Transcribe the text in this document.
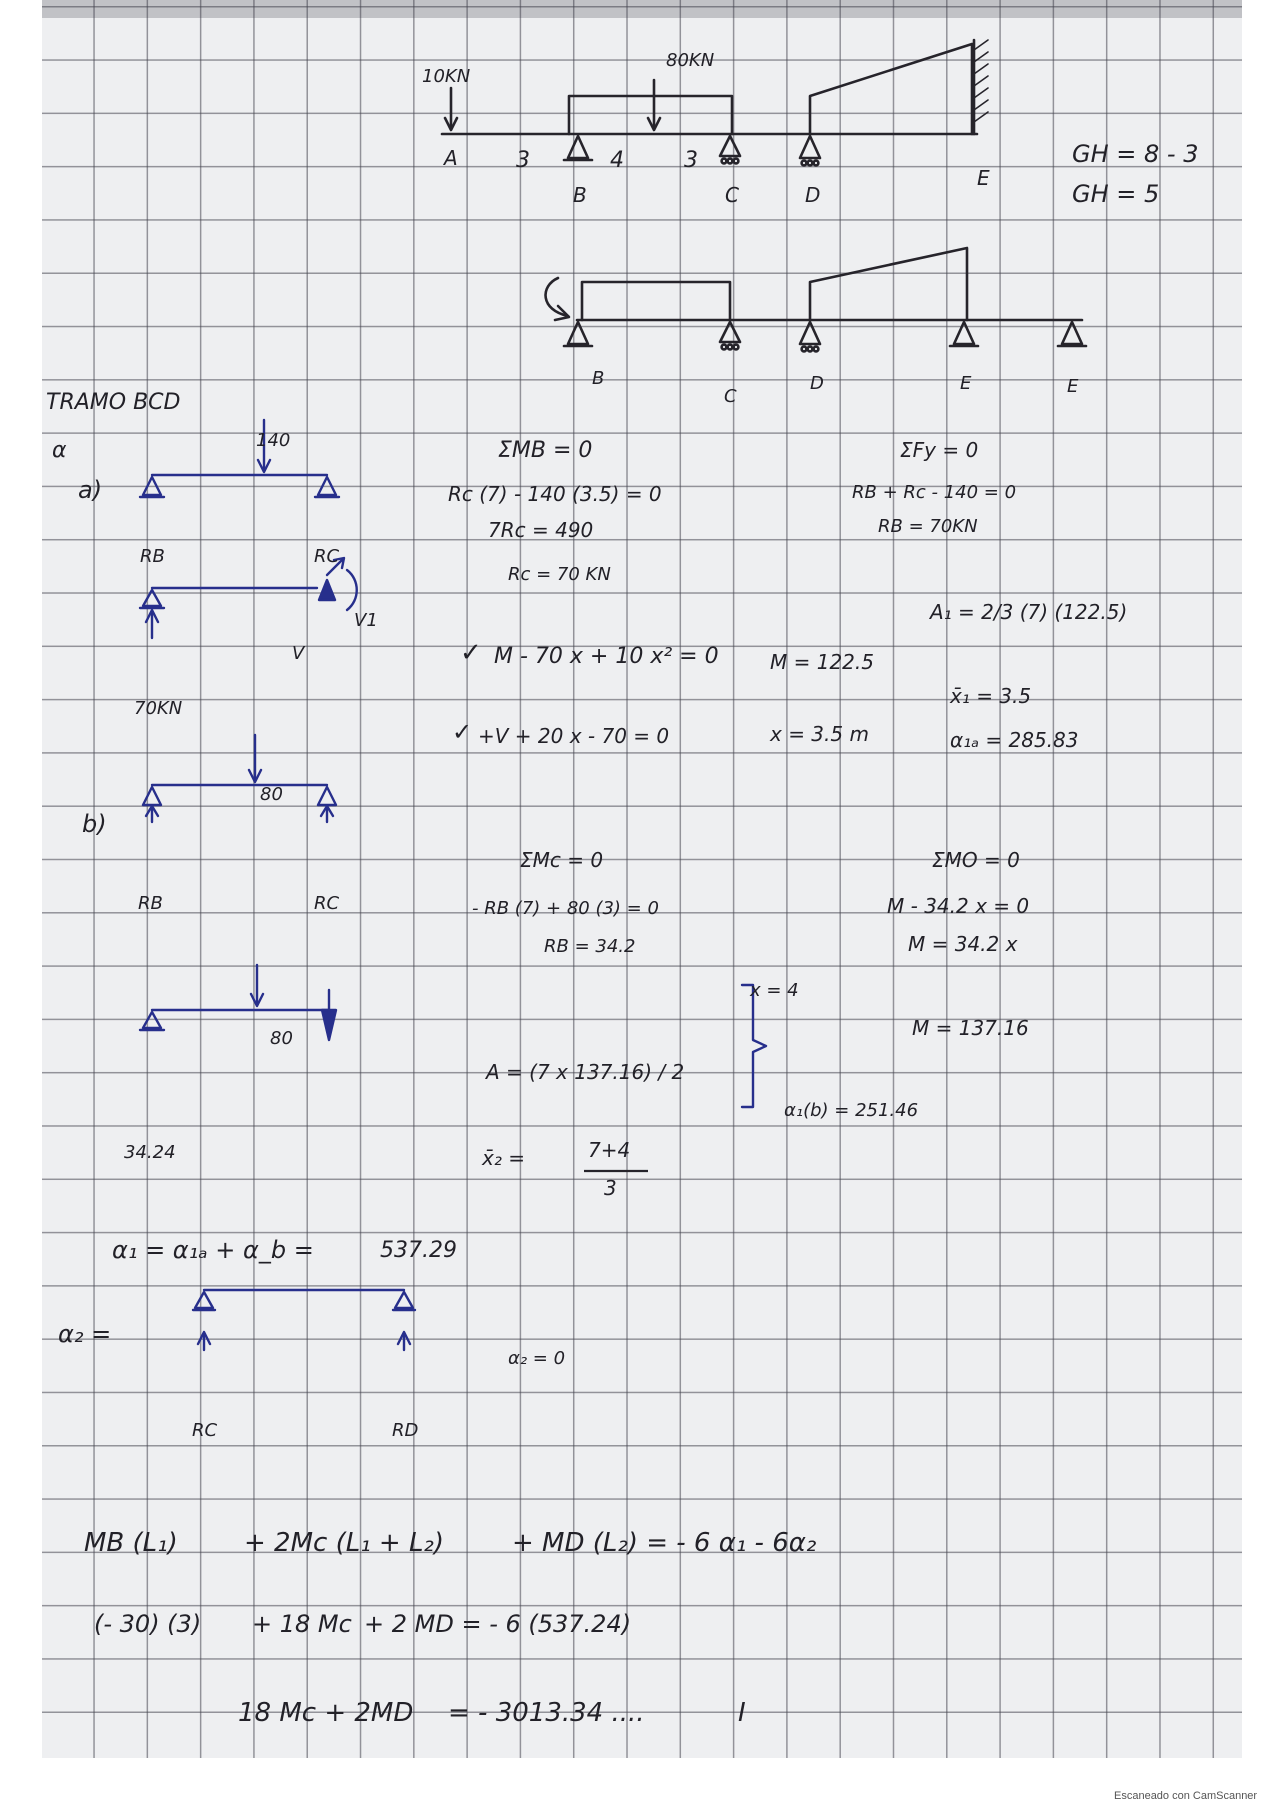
10KN
80KN
A	3	4	3
B	C	D
E
GH = 8 - 3
GH = 5
B
C
D	E	E
TRAMO BCD
α
a)
140
RB	RC
ΣMB = 0
Rc (7) - 140 (3.5) = 0
7Rc = 490
Rc = 70 KN
ΣFy = 0
RB + Rc - 140 = 0
RB = 70KN
V
V1
70KN
✓ M - 70 x + 10 x² = 0
✓ +V + 20 x - 70 = 0
M = 122.5
x = 3.5 m
A₁ = 2/3 (7) (122.5)
x̄₁ = 3.5
α₁ₐ = 285.83
b)
80
RB	RC
ΣMc = 0
- RB (7) + 80 (3) = 0
RB = 34.2
ΣMO = 0
M - 34.2 x = 0
M = 34.2 x
x = 4
M = 137.16
80
34.24
A = (7 x 137.16) / 2
x̄₂ =	7+4
3
α₁(b) = 251.46
α₁ = α₁ₐ + α_b =	537.29
α₂ =
α₂ = 0
RC	RD
MB (L₁)	+ 2Mc (L₁ + L₂)	+ MD (L₂) = - 6 α₁ - 6α₂
(- 30) (3) + 18 Mc + 2 MD = - 6 (537.24)
18 Mc + 2MD = - 3013.34 ....	I
Escaneado con CamScanner
